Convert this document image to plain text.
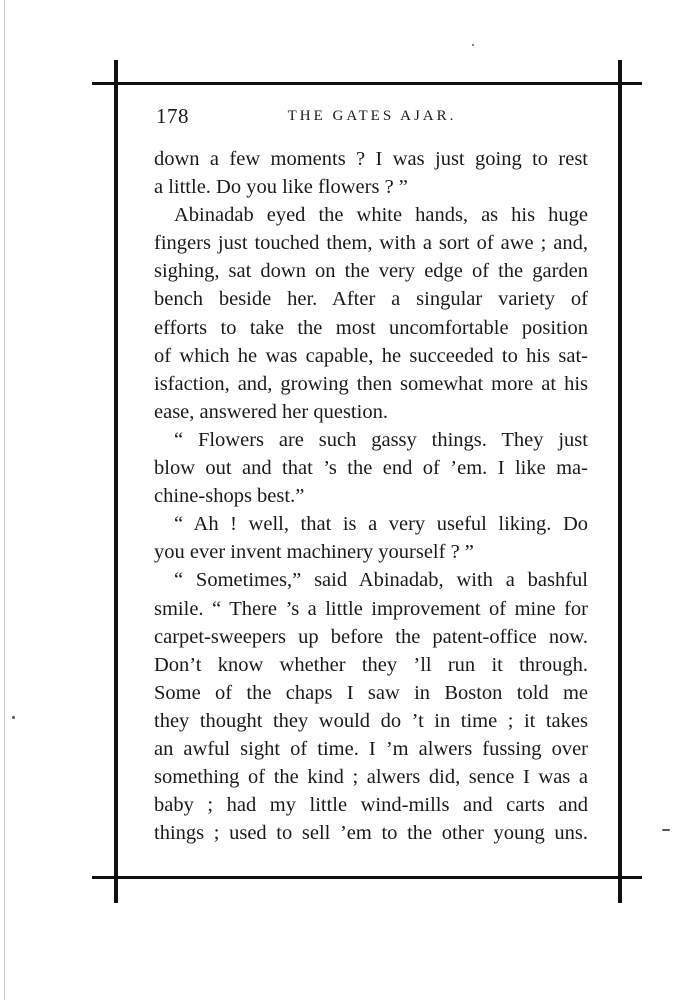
178	THE GATES AJAR.
down a few moments ? I was just going to rest
a little. Do you like flowers ? ”
Abinadab eyed the white hands, as his huge
fingers just touched them, with a sort of awe ; and,
sighing, sat down on the very edge of the garden
bench beside her. After a singular variety of
efforts to take the most uncomfortable position
of which he was capable, he succeeded to his sat-
isfaction, and, growing then somewhat more at his
ease, answered her question.
“ Flowers are such gassy things. They just
blow out and that ’s the end of ’em. I like ma-
chine-shops best.”
“ Ah ! well, that is a very useful liking. Do
you ever invent machinery yourself ? ”
“ Sometimes,” said Abinadab, with a bashful
smile. “ There ’s a little improvement of mine for
carpet-sweepers up before the patent-office now.
Don’t know whether they ’ll run it through.
Some of the chaps I saw in Boston told me
they thought they would do ’t in time ; it takes
an awful sight of time. I ’m alwers fussing over
something of the kind ; alwers did, sence I was a
baby ; had my little wind-mills and carts and
things ; used to sell ’em to the other young uns.
